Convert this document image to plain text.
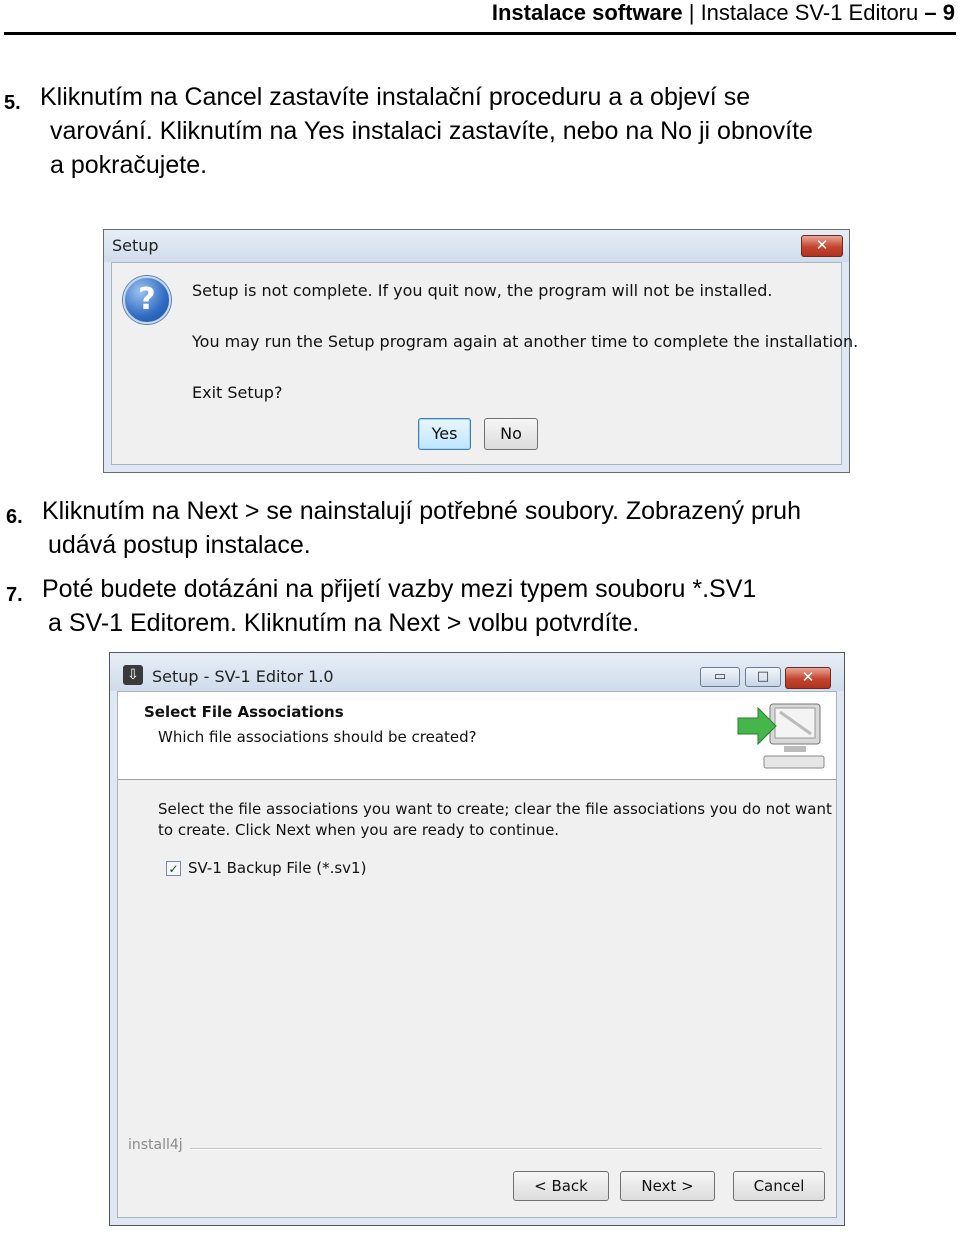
Instalace software | Instalace SV-1 Editoru – 9
5. Kliknutím na Cancel zastavíte instalační proceduru a a objeví se
varování. Kliknutím na Yes instalaci zastavíte, nebo na No ji obnovíte
a pokračujete.
Setup	✕
?	Setup is not complete. If you quit now, the program will not be installed.
You may run the Setup program again at another time to complete the installation.
Exit Setup?
Yes	No
6. Kliknutím na Next > se nainstalují potřebné soubory. Zobrazený pruh
udává postup instalace.
7. Poté budete dotázáni na přijetí vazby mezi typem souboru *.SV1
a SV-1 Editorem. Kliknutím na Next > volbu potvrdíte.
⇩ Setup - SV-1 Editor 1.0	▭	□	✕
Select File Associations
Which file associations should be created?
Select the file associations you want to create; clear the file associations you do not want
to create. Click Next when you are ready to continue.
✓ SV-1 Backup File (*.sv1)
install4j
< Back	Next >	Cancel
